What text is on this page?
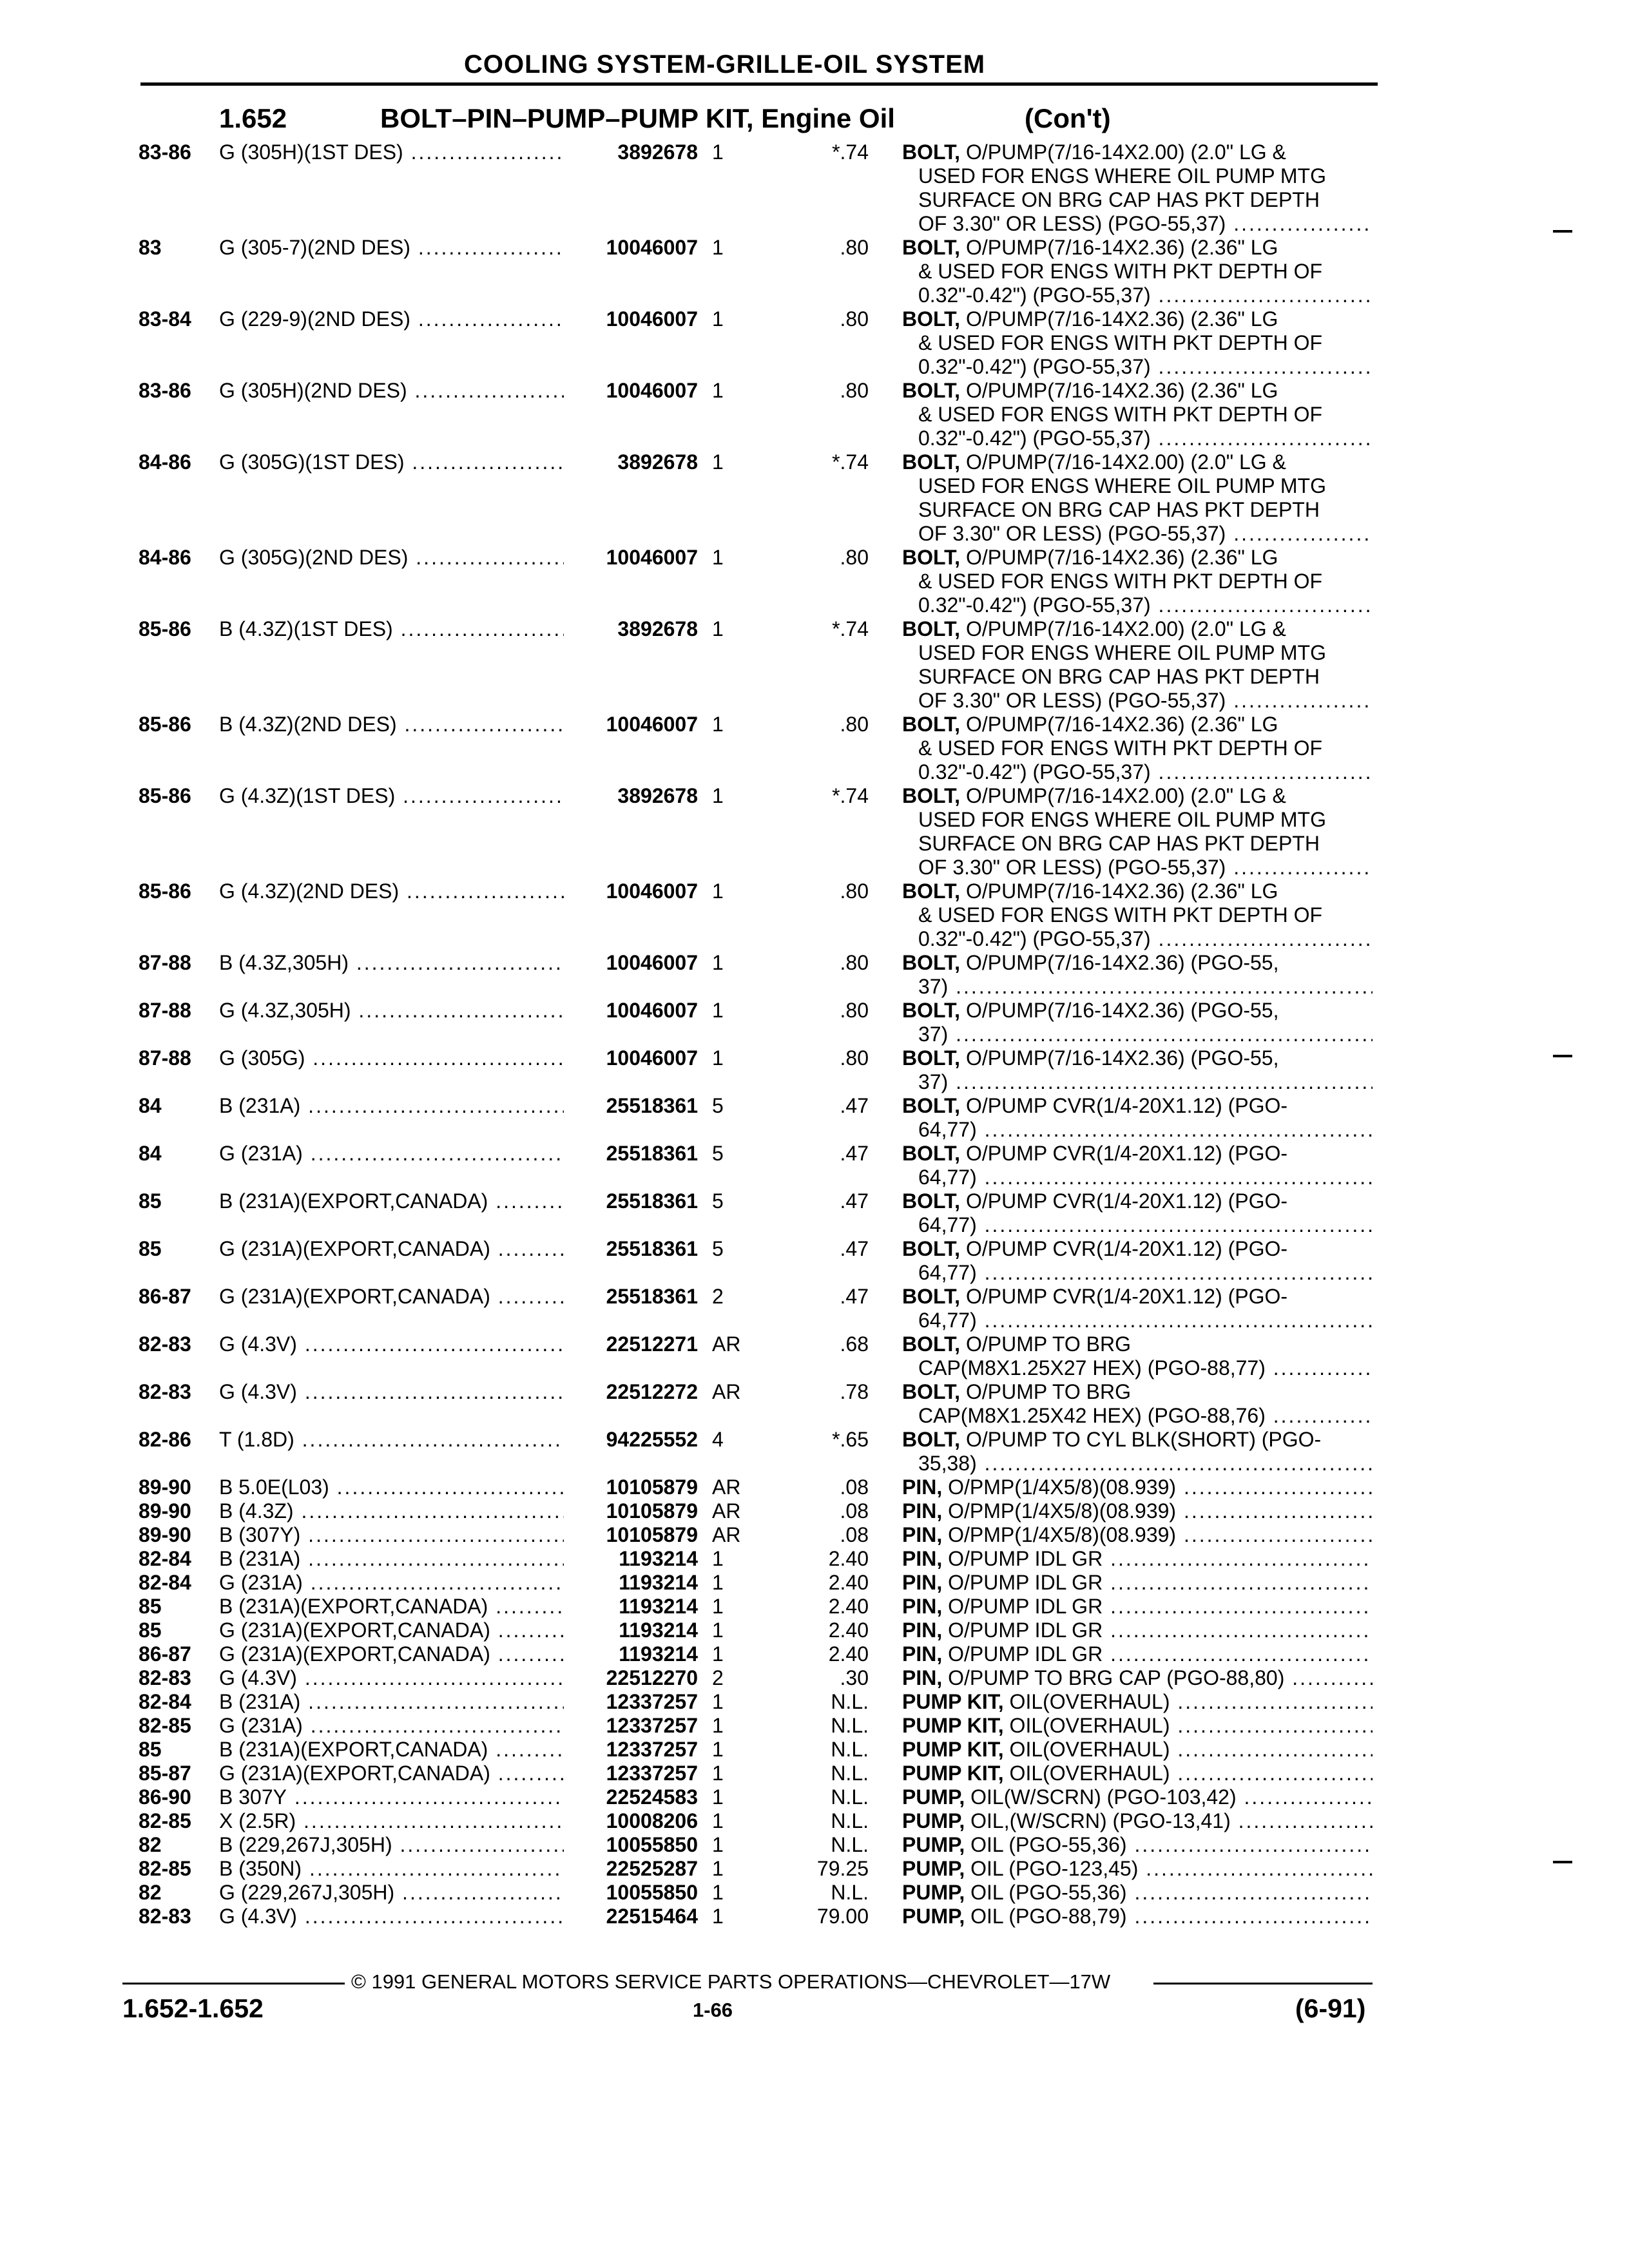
COOLING SYSTEM-GRILLE-OIL SYSTEM
1.652	BOLT–PIN–PUMP–PUMP KIT, Engine Oil	(Con't)
83-86 G (305H)(1ST DES) .....	3892678 1	*.74 BOLT, O/PUMP(7/16-14X2.00) (2.0" LG &
USED FOR ENGS WHERE OIL PUMP MTG
SURFACE ON BRG CAP HAS PKT DEPTH
OF 3.30" OR LESS) (PGO-55,37) .....
83	G (305-7)(2ND DES) .....	10046007 1	.80 BOLT, O/PUMP(7/16-14X2.36) (2.36" LG
& USED FOR ENGS WITH PKT DEPTH OF
0.32"-0.42") (PGO-55,37) .....
83-84 G (229-9)(2ND DES) .....	10046007 1	.80 BOLT, O/PUMP(7/16-14X2.36) (2.36" LG
& USED FOR ENGS WITH PKT DEPTH OF
0.32"-0.42") (PGO-55,37) .....
83-86 G (305H)(2ND DES) .....	10046007 1	.80 BOLT, O/PUMP(7/16-14X2.36) (2.36" LG
& USED FOR ENGS WITH PKT DEPTH OF
0.32"-0.42") (PGO-55,37) .....
84-86 G (305G)(1ST DES) .....	3892678 1	*.74 BOLT, O/PUMP(7/16-14X2.00) (2.0" LG &
USED FOR ENGS WHERE OIL PUMP MTG
SURFACE ON BRG CAP HAS PKT DEPTH
OF 3.30" OR LESS) (PGO-55,37) .....
84-86 G (305G)(2ND DES) .....	10046007 1	.80 BOLT, O/PUMP(7/16-14X2.36) (2.36" LG
& USED FOR ENGS WITH PKT DEPTH OF
0.32"-0.42") (PGO-55,37) .....
85-86 B (4.3Z)(1ST DES) .....	3892678 1	*.74 BOLT, O/PUMP(7/16-14X2.00) (2.0" LG &
USED FOR ENGS WHERE OIL PUMP MTG
SURFACE ON BRG CAP HAS PKT DEPTH
OF 3.30" OR LESS) (PGO-55,37) .....
85-86 B (4.3Z)(2ND DES) .....	10046007 1	.80 BOLT, O/PUMP(7/16-14X2.36) (2.36" LG
& USED FOR ENGS WITH PKT DEPTH OF
0.32"-0.42") (PGO-55,37) .....
85-86 G (4.3Z)(1ST DES) .....	3892678 1	*.74 BOLT, O/PUMP(7/16-14X2.00) (2.0" LG &
USED FOR ENGS WHERE OIL PUMP MTG
SURFACE ON BRG CAP HAS PKT DEPTH
OF 3.30" OR LESS) (PGO-55,37) .....
85-86 G (4.3Z)(2ND DES) .....	10046007 1	.80 BOLT, O/PUMP(7/16-14X2.36) (2.36" LG
& USED FOR ENGS WITH PKT DEPTH OF
0.32"-0.42") (PGO-55,37) .....
87-88 B (4.3Z,305H) .....	10046007 1	.80 BOLT, O/PUMP(7/16-14X2.36) (PGO-55,
37) .....
87-88 G (4.3Z,305H) .....	10046007 1	.80 BOLT, O/PUMP(7/16-14X2.36) (PGO-55,
37) .....
87-88 G (305G) .....	10046007 1	.80 BOLT, O/PUMP(7/16-14X2.36) (PGO-55,
37) .....
84	B (231A) .....	25518361 5	.47 BOLT, O/PUMP CVR(1/4-20X1.12) (PGO-
64,77) .....
84	G (231A) .....	25518361 5	.47 BOLT, O/PUMP CVR(1/4-20X1.12) (PGO-
64,77) .....
85	B (231A)(EXPORT,CANADA) .....	25518361 5	.47 BOLT, O/PUMP CVR(1/4-20X1.12) (PGO-
64,77) .....
85	G (231A)(EXPORT,CANADA) .....	25518361 5	.47 BOLT, O/PUMP CVR(1/4-20X1.12) (PGO-
64,77) .....
86-87 G (231A)(EXPORT,CANADA) .....	25518361 2	.47 BOLT, O/PUMP CVR(1/4-20X1.12) (PGO-
64,77) .....
82-83 G (4.3V) .....	22512271 AR	.68 BOLT, O/PUMP TO BRG
CAP(M8X1.25X27 HEX) (PGO-88,77) .....
82-83 G (4.3V) .....	22512272 AR	.78 BOLT, O/PUMP TO BRG
CAP(M8X1.25X42 HEX) (PGO-88,76) .....
82-86 T (1.8D) .....	94225552 4	*.65 BOLT, O/PUMP TO CYL BLK(SHORT) (PGO-
35,38) .....
89-90 B 5.0E(L03) .....	10105879 AR	.08 PIN, O/PMP(1/4X5/8)(08.939) .....
89-90 B (4.3Z) .....	10105879 AR	.08 PIN, O/PMP(1/4X5/8)(08.939) .....
89-90 B (307Y) .....	10105879 AR	.08 PIN, O/PMP(1/4X5/8)(08.939) .....
82-84 B (231A) .....	1193214 1	2.40 PIN, O/PUMP IDL GR .....
82-84 G (231A) .....	1193214 1	2.40 PIN, O/PUMP IDL GR .....
85	B (231A)(EXPORT,CANADA) .....	1193214 1	2.40 PIN, O/PUMP IDL GR .....
85	G (231A)(EXPORT,CANADA) .....	1193214 1	2.40 PIN, O/PUMP IDL GR .....
86-87 G (231A)(EXPORT,CANADA) .....	1193214 1	2.40 PIN, O/PUMP IDL GR .....
82-83 G (4.3V) .....	22512270 2	.30 PIN, O/PUMP TO BRG CAP (PGO-88,80) .....
82-84 B (231A) .....	12337257 1	N.L. PUMP KIT, OIL(OVERHAUL) .....
82-85 G (231A) .....	12337257 1	N.L. PUMP KIT, OIL(OVERHAUL) .....
85	B (231A)(EXPORT,CANADA) .....	12337257 1	N.L. PUMP KIT, OIL(OVERHAUL) .....
85-87 G (231A)(EXPORT,CANADA) .....	12337257 1	N.L. PUMP KIT, OIL(OVERHAUL) .....
86-90 B 307Y .....	22524583 1	N.L. PUMP, OIL(W/SCRN) (PGO-103,42) .....
82-85 X (2.5R) .....	10008206 1	N.L. PUMP, OIL,(W/SCRN) (PGO-13,41) .....
82	B (229,267J,305H) .....	10055850 1	N.L. PUMP, OIL (PGO-55,36) .....
82-85 B (350N) .....	22525287 1	79.25 PUMP, OIL (PGO-123,45) .....
82	G (229,267J,305H) .....	10055850 1	N.L. PUMP, OIL (PGO-55,36) .....
82-83 G (4.3V) .....	22515464 1	79.00 PUMP, OIL (PGO-88,79) .....
© 1991 GENERAL MOTORS SERVICE PARTS OPERATIONS—CHEVROLET—17W
1.652-1.652	1-66	(6-91)
